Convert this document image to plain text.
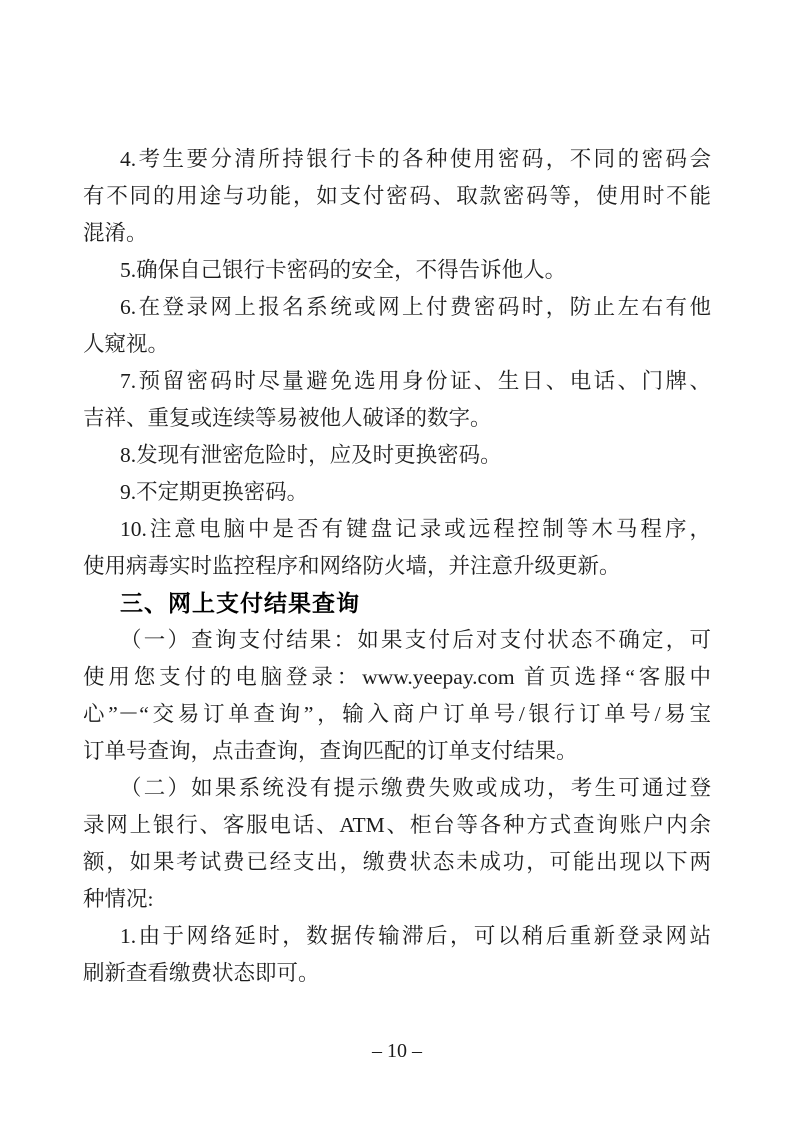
4.考生要分清所持银行卡的各种使用密码，不同的密码会
有不同的用途与功能，如支付密码、取款密码等，使用时不能
混淆。
5.确保自己银行卡密码的安全，不得告诉他人。
6.在登录网上报名系统或网上付费密码时，防止左右有他
人窥视。
7.预留密码时尽量避免选用身份证、生日、电话、门牌、
吉祥、重复或连续等易被他人破译的数字。
8.发现有泄密危险时，应及时更换密码。
9.不定期更换密码。
10.注意电脑中是否有键盘记录或远程控制等木马程序，
使用病毒实时监控程序和网络防火墙，并注意升级更新。
三、网上支付结果查询
（一）查询支付结果：如果支付后对支付状态不确定，可
使用您支付的电脑登录：www.yeepay.com 首页选择“客服中
心”－“交易订单查询”，输入商户订单号/银行订单号/易宝
订单号查询，点击查询，查询匹配的订单支付结果。
（二）如果系统没有提示缴费失败或成功，考生可通过登
录网上银行、客服电话、ATM、柜台等各种方式查询账户内余
额，如果考试费已经支出，缴费状态未成功，可能出现以下两
种情况:
1.由于网络延时，数据传输滞后，可以稍后重新登录网站
刷新查看缴费状态即可。
– 10 –
